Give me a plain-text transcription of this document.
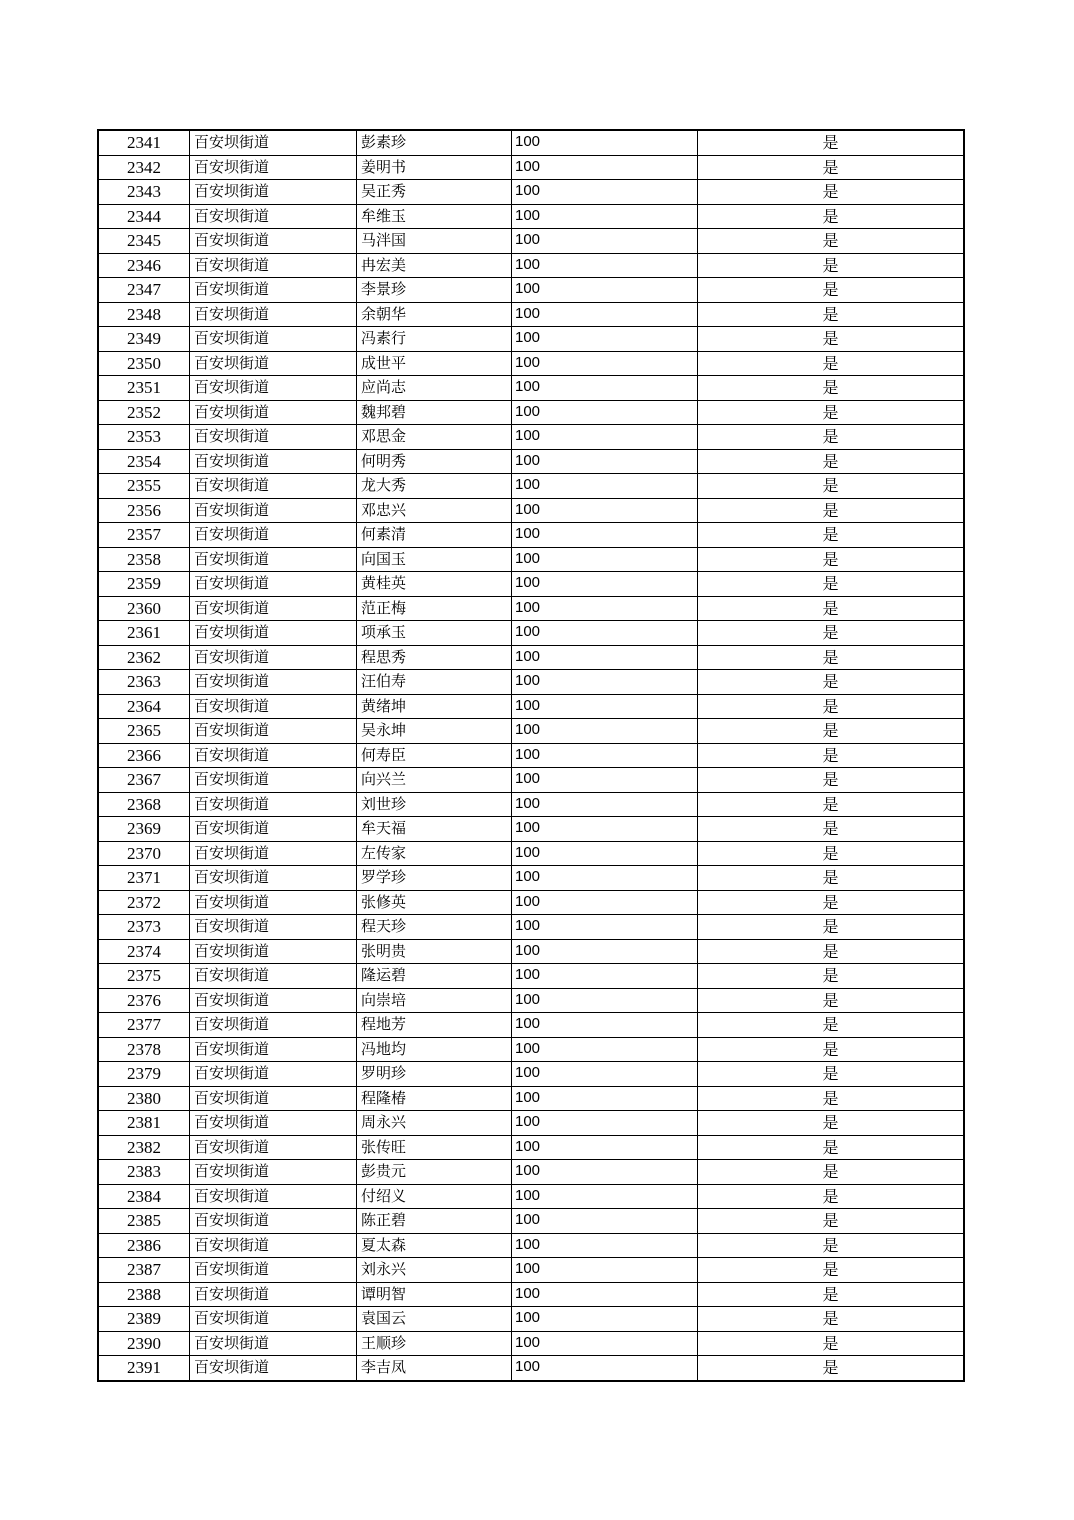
2341	百安坝街道	彭素珍	100	是
2342	百安坝街道	姜明书	100	是
2343	百安坝街道	吴正秀	100	是
2344	百安坝街道	牟维玉	100	是
2345	百安坝街道	马泮国	100	是
2346	百安坝街道	冉宏美	100	是
2347	百安坝街道	李景珍	100	是
2348	百安坝街道	余朝华	100	是
2349	百安坝街道	冯素行	100	是
2350	百安坝街道	成世平	100	是
2351	百安坝街道	应尚志	100	是
2352	百安坝街道	魏邦碧	100	是
2353	百安坝街道	邓思金	100	是
2354	百安坝街道	何明秀	100	是
2355	百安坝街道	龙大秀	100	是
2356	百安坝街道	邓忠兴	100	是
2357	百安坝街道	何素清	100	是
2358	百安坝街道	向国玉	100	是
2359	百安坝街道	黄桂英	100	是
2360	百安坝街道	范正梅	100	是
2361	百安坝街道	项承玉	100	是
2362	百安坝街道	程思秀	100	是
2363	百安坝街道	汪伯寿	100	是
2364	百安坝街道	黄绪坤	100	是
2365	百安坝街道	吴永坤	100	是
2366	百安坝街道	何寿臣	100	是
2367	百安坝街道	向兴兰	100	是
2368	百安坝街道	刘世珍	100	是
2369	百安坝街道	牟天福	100	是
2370	百安坝街道	左传家	100	是
2371	百安坝街道	罗学珍	100	是
2372	百安坝街道	张修英	100	是
2373	百安坝街道	程天珍	100	是
2374	百安坝街道	张明贵	100	是
2375	百安坝街道	隆运碧	100	是
2376	百安坝街道	向崇培	100	是
2377	百安坝街道	程地芳	100	是
2378	百安坝街道	冯地均	100	是
2379	百安坝街道	罗明珍	100	是
2380	百安坝街道	程隆椿	100	是
2381	百安坝街道	周永兴	100	是
2382	百安坝街道	张传旺	100	是
2383	百安坝街道	彭贵元	100	是
2384	百安坝街道	付绍义	100	是
2385	百安坝街道	陈正碧	100	是
2386	百安坝街道	夏太森	100	是
2387	百安坝街道	刘永兴	100	是
2388	百安坝街道	谭明智	100	是
2389	百安坝街道	袁国云	100	是
2390	百安坝街道	王顺珍	100	是
2391	百安坝街道	李吉凤	100	是
